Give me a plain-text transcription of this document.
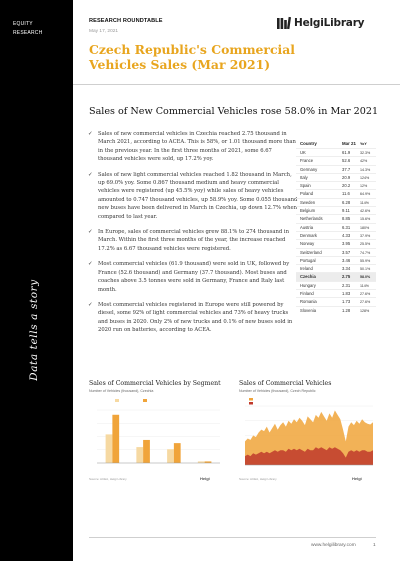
EQUITY
RESEARCH
Data tells a story
RESEARCH ROUNDTABLE
May 17, 2021
HelgiLibrary
Czech Republic's Commercial Vehicles Sales (Mar 2021)
Sales of New Commercial Vehicles rose 58.0% in Mar 2021
✓ Sales of new commercial vehicles in Czechia reached 2.75 thousand in March 2021, according to ACEA. This is 58%, or 1.01 thousand more than in the previous year. In the first three months of 2021, some 6.67 thousand vehicles were sold, up 17.2% yoy.
✓ Sales of new light commercial vehicles reached 1.82 thousand in March, up 69.0% yoy. Some 0.867 thousand medium and heavy commercial vehicles were registered (up 45.5% yoy) while sales of heavy vehicles amounted to 0.747 thousand vehicles, up 58.9% yoy. Some 0.055 thousand new buses have been delivered in March in Czechia, up down 12.7% when compared to last year.
✓ In Europe, sales of commercial vehicles grew 88.1% to 274 thousand in March. Within the first three months of the year, the increase reached 17.2% as 6.67 thousand vehicles were registered.
✓ Most commercial vehicles (61.9 thousand) were sold in UK, followed by France (52.6 thousand) and Germany (37.7 thousand). Most buses and coaches above 3.5 tonnes were sold in Germany, France and Italy last month.
✓ Most commercial vehicles registered in Europe were still powered by diesel, some 92% of light commercial vehicles and 73% of heavy trucks and buses in 2020. Only 2% of new trucks and 0.1% of new buses sold in 2020 run on batteries, according to ACEA.
Country	Mar 21	YoY
UK	61.9	32.3%
France	52.6	42%
Germany	37.7	14.3%
Italy	20.9	124%
Spain	20.2	12%
Poland	11.6	64.9%
Sweden	6.28	114%
Belgium	9.11	42.6%
Netherlands	8.85	15.6%
Austria	6.31	180%
Denmark	4.33	37.9%
Norway	3.95	25.5%
Switzerland	3.57	74.7%
Portugal	3.46	55.9%
Ireland	3.34	50.1%
Czechia	2.75	58.0%
Hungary	2.31	114%
Finland	1.83	27.6%
Romania	1.73	27.6%
Slovenia	1.28	128%
Sales of Commercial Vehicles by Segment
Number of Vehicles (thousand), Czechia
Source: ACEA, Helgi Library	Helgi
Sales of Commercial Vehicles
Number of Vehicles (thousand), Czech Republic
Source: ACEA, Helgi Library	Helgi
www.helgilibrary.com	1
